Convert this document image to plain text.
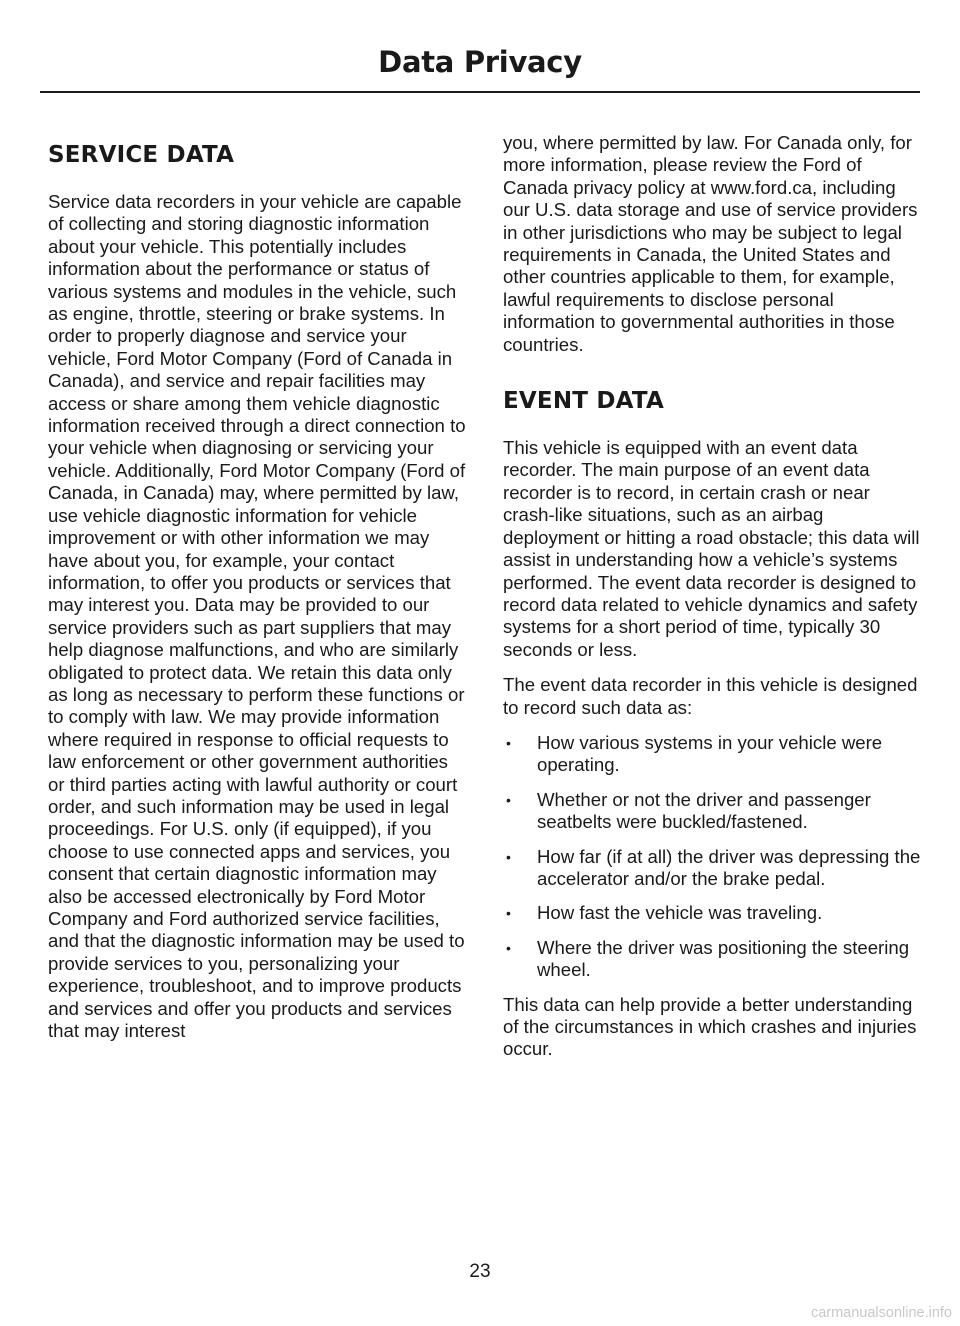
Data Privacy
SERVICE DATA

Service data recorders in your vehicle are capable of collecting and storing diagnostic information about your vehicle. This potentially includes information about the performance or status of various systems and modules in the vehicle, such as engine, throttle, steering or brake systems. In order to properly diagnose and service your vehicle, Ford Motor Company (Ford of Canada in Canada), and service and repair facilities may access or share among them vehicle diagnostic information received through a direct connection to your vehicle when diagnosing or servicing your vehicle. Additionally, Ford Motor Company (Ford of Canada, in Canada) may, where permitted by law, use vehicle diagnostic information for vehicle improvement or with other information we may have about you, for example, your contact information, to offer you products or services that may interest you. Data may be provided to our service providers such as part suppliers that may help diagnose malfunctions, and who are similarly obligated to protect data. We retain this data only as long as necessary to perform these functions or to comply with law. We may provide information where required in response to official requests to law enforcement or other government authorities or third parties acting with lawful authority or court order, and such information may be used in legal proceedings. For U.S. only (if equipped), if you choose to use connected apps and services, you consent that certain diagnostic information may also be accessed electronically by Ford Motor Company and Ford authorized service facilities, and that the diagnostic information may be used to provide services to you, personalizing your experience, troubleshoot, and to improve products and services and offer you products and services that may interest

you, where permitted by law. For Canada only, for more information, please review the Ford of Canada privacy policy at www.ford.ca, including our U.S. data storage and use of service providers in other jurisdictions who may be subject to legal requirements in Canada, the United States and other countries applicable to them, for example, lawful requirements to disclose personal information to governmental authorities in those countries.

EVENT DATA

This vehicle is equipped with an event data recorder. The main purpose of an event data recorder is to record, in certain crash or near crash-like situations, such as an airbag deployment or hitting a road obstacle; this data will assist in understanding how a vehicle’s systems performed. The event data recorder is designed to record data related to vehicle dynamics and safety systems for a short period of time, typically 30 seconds or less.

The event data recorder in this vehicle is designed to record such data as:

• How various systems in your vehicle were operating.
• Whether or not the driver and passenger seatbelts were buckled/fastened.
• How far (if at all) the driver was depressing the accelerator and/or the brake pedal.
• How fast the vehicle was traveling.
• Where the driver was positioning the steering wheel.

This data can help provide a better understanding of the circumstances in which crashes and injuries occur.

23
carmanualsonline.info
